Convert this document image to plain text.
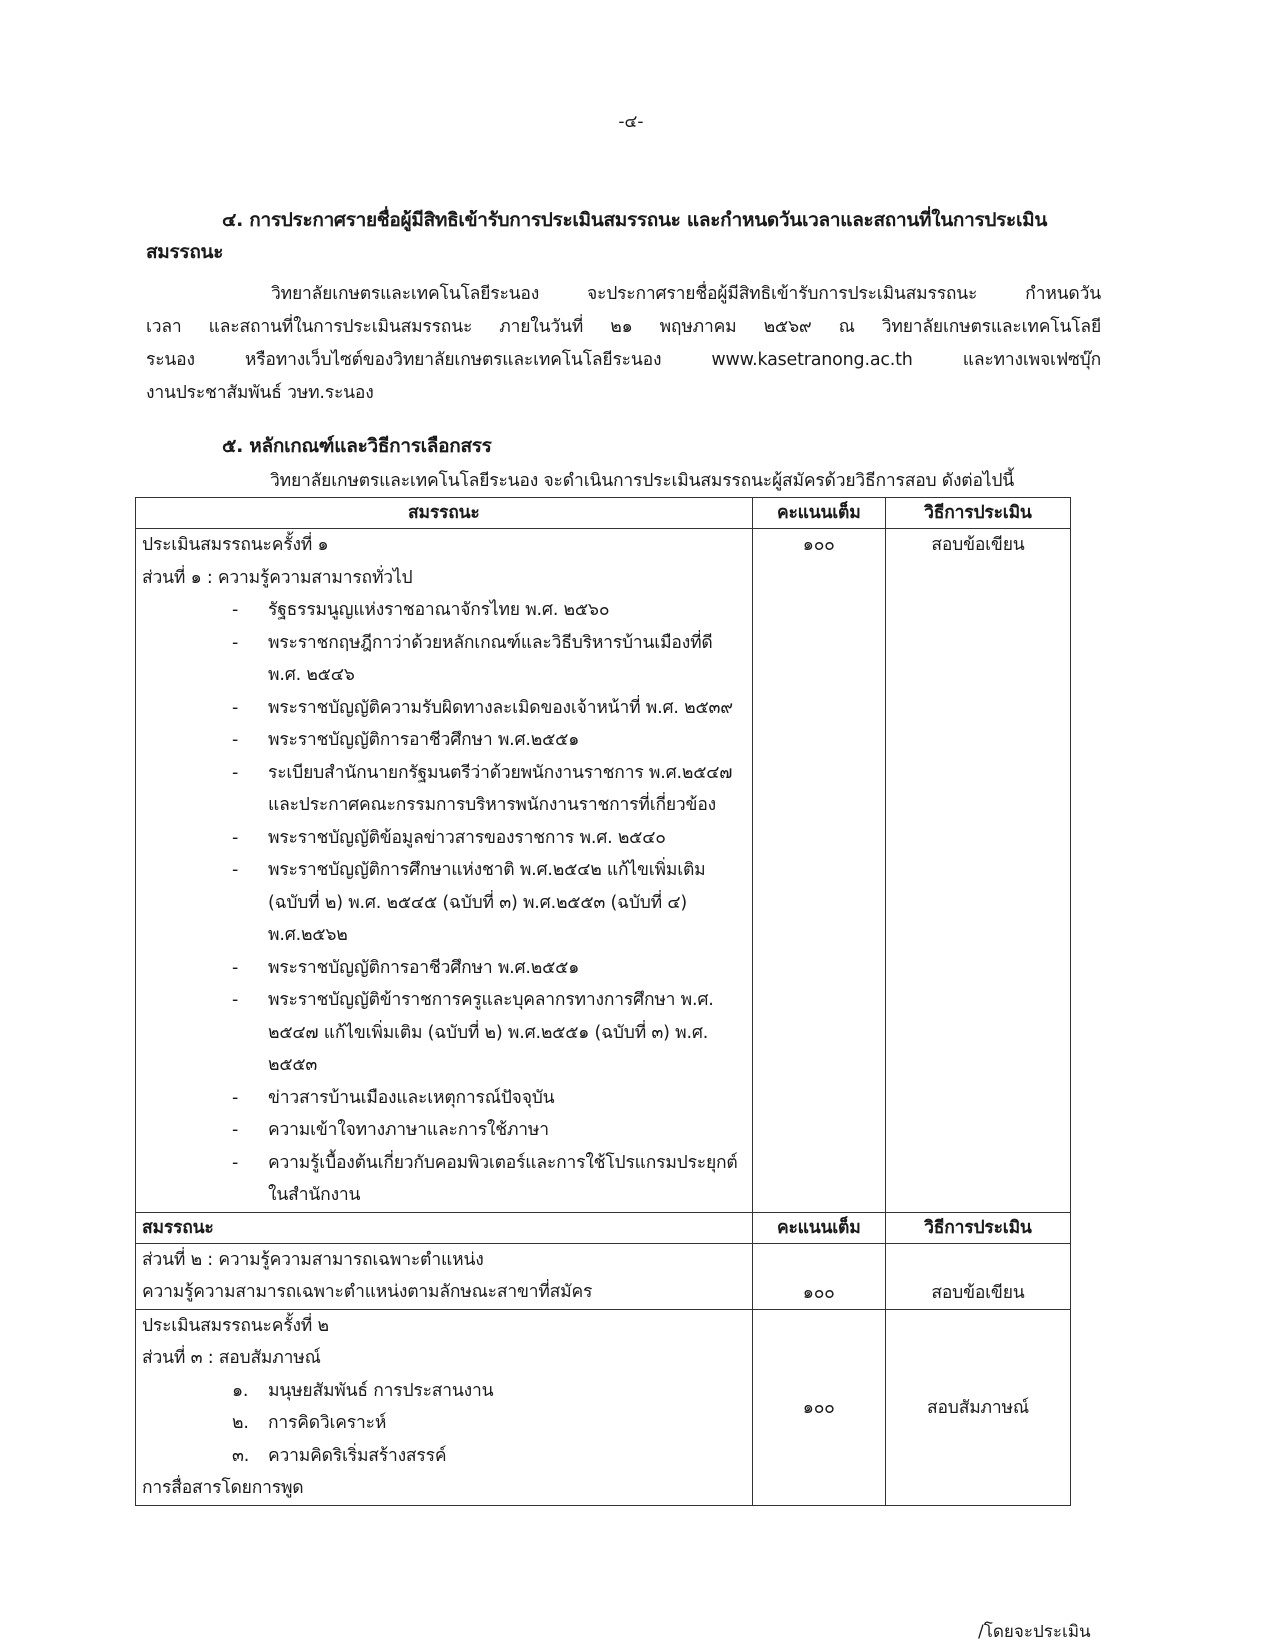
-๔-
๔. การประกาศรายชื่อผู้มีสิทธิเข้ารับการประเมินสมรรถนะ และกำหนดวันเวลาและสถานที่ในการประเมิน
สมรรถนะ
วิทยาลัยเกษตรและเทคโนโลยีระนอง จะประกาศรายชื่อผู้มีสิทธิเข้ารับการประเมินสมรรถนะ กำหนดวัน
เวลา และสถานที่ในการประเมินสมรรถนะ ภายในวันที่ ๒๑ พฤษภาคม ๒๕๖๙ ณ วิทยาลัยเกษตรและเทคโนโลยี
ระนอง หรือทางเว็บไซต์ของวิทยาลัยเกษตรและเทคโนโลยีระนอง www.kasetranong.ac.th และทางเพจเฟซบุ๊ก
งานประชาสัมพันธ์ วษท.ระนอง
๕. หลักเกณฑ์และวิธีการเลือกสรร
วิทยาลัยเกษตรและเทคโนโลยีระนอง จะดำเนินการประเมินสมรรถนะผู้สมัครด้วยวิธีการสอบ ดังต่อไปนี้
สมรรถนะ	คะแนนเต็ม	วิธีการประเมิน

ประเมินสมรรถนะครั้งที่ ๑
ส่วนที่ ๑ : ความรู้ความสามารถทั่วไป
-	รัฐธรรมนูญแห่งราชอาณาจักรไทย พ.ศ. ๒๕๖๐
-	พระราชกฤษฎีกาว่าด้วยหลักเกณฑ์และวิธีบริหารบ้านเมืองที่ดี พ.ศ. ๒๕๔๖
-	พระราชบัญญัติความรับผิดทางละเมิดของเจ้าหน้าที่ พ.ศ. ๒๕๓๙
-	พระราชบัญญัติการอาชีวศึกษา พ.ศ.๒๕๕๑
-	ระเบียบสำนักนายกรัฐมนตรีว่าด้วยพนักงานราชการ พ.ศ.๒๕๔๗ และประกาศคณะกรรมการบริหารพนักงานราชการที่เกี่ยวข้อง
-	พระราชบัญญัติข้อมูลข่าวสารของราชการ พ.ศ. ๒๕๔๐
-	พระราชบัญญัติการศึกษาแห่งชาติ พ.ศ.๒๕๔๒ แก้ไขเพิ่มเติม (ฉบับที่ ๒) พ.ศ. ๒๕๔๕ (ฉบับที่ ๓) พ.ศ.๒๕๕๓ (ฉบับที่ ๔) พ.ศ.๒๕๖๒
-	พระราชบัญญัติการอาชีวศึกษา พ.ศ.๒๕๕๑
-	พระราชบัญญัติข้าราชการครูและบุคลากรทางการศึกษา พ.ศ. ๒๕๔๗ แก้ไขเพิ่มเติม (ฉบับที่ ๒) พ.ศ.๒๕๕๑ (ฉบับที่ ๓) พ.ศ. ๒๕๕๓
-	ข่าวสารบ้านเมืองและเหตุการณ์ปัจจุบัน
-	ความเข้าใจทางภาษาและการใช้ภาษา
-	ความรู้เบื้องต้นเกี่ยวกับคอมพิวเตอร์และการใช้โปรแกรมประยุกต์ ในสำนักงาน
	๑๐๐	สอบข้อเขียน
สมรรถนะ	คะแนนเต็ม	วิธีการประเมิน

ส่วนที่ ๒ : ความรู้ความสามารถเฉพาะตำแหน่ง
ความรู้ความสามารถเฉพาะตำแหน่งตามลักษณะสาขาที่สมัคร	๑๐๐	สอบข้อเขียน

ประเมินสมรรถนะครั้งที่ ๒
ส่วนที่ ๓ : สอบสัมภาษณ์
๑.	มนุษยสัมพันธ์ การประสานงาน
๒.	การคิดวิเคราะห์
๓.	ความคิดริเริ่มสร้างสรรค์
การสื่อสารโดยการพูด
	๑๐๐	สอบสัมภาษณ์
/โดยจะประเมิน
